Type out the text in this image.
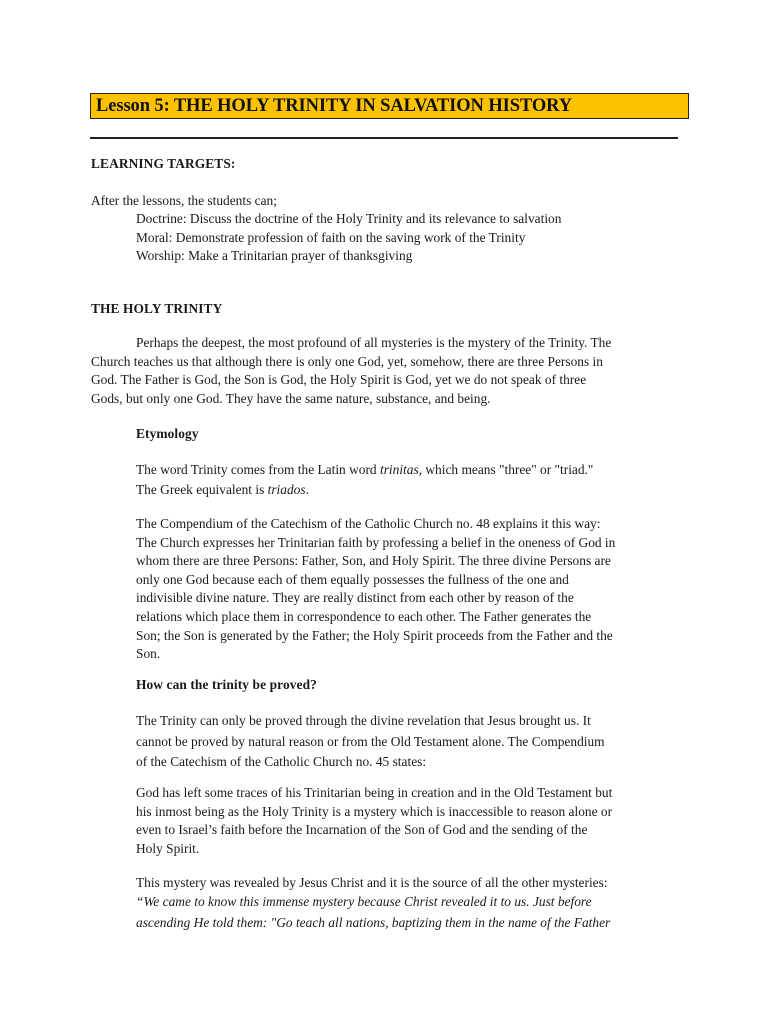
Lesson 5: THE HOLY TRINITY IN SALVATION HISTORY
LEARNING TARGETS:
After the lessons, the students can;
Doctrine: Discuss the doctrine of the Holy Trinity and its relevance to salvation
Moral: Demonstrate profession of faith on the saving work of the Trinity
Worship: Make a Trinitarian prayer of thanksgiving
THE HOLY TRINITY
Perhaps the deepest, the most profound of all mysteries is the mystery of the Trinity. The
Church teaches us that although there is only one God, yet, somehow, there are three Persons in
God. The Father is God, the Son is God, the Holy Spirit is God, yet we do not speak of three
Gods, but only one God. They have the same nature, substance, and being.
Etymology
The word Trinity comes from the Latin word trinitas, which means "three" or "triad."
The Greek equivalent is triados.
The Compendium of the Catechism of the Catholic Church no. 48 explains it this way:
The Church expresses her Trinitarian faith by professing a belief in the oneness of God in
whom there are three Persons: Father, Son, and Holy Spirit. The three divine Persons are
only one God because each of them equally possesses the fullness of the one and
indivisible divine nature. They are really distinct from each other by reason of the
relations which place them in correspondence to each other. The Father generates the
Son; the Son is generated by the Father; the Holy Spirit proceeds from the Father and the
Son.
How can the trinity be proved?
The Trinity can only be proved through the divine revelation that Jesus brought us. It
cannot be proved by natural reason or from the Old Testament alone. The Compendium
of the Catechism of the Catholic Church no. 45 states:
God has left some traces of his Trinitarian being in creation and in the Old Testament but
his inmost being as the Holy Trinity is a mystery which is inaccessible to reason alone or
even to Israel’s faith before the Incarnation of the Son of God and the sending of the
Holy Spirit.
This mystery was revealed by Jesus Christ and it is the source of all the other mysteries:
“We came to know this immense mystery because Christ revealed it to us. Just before
ascending He told them: "Go teach all nations, baptizing them in the name of the Father
